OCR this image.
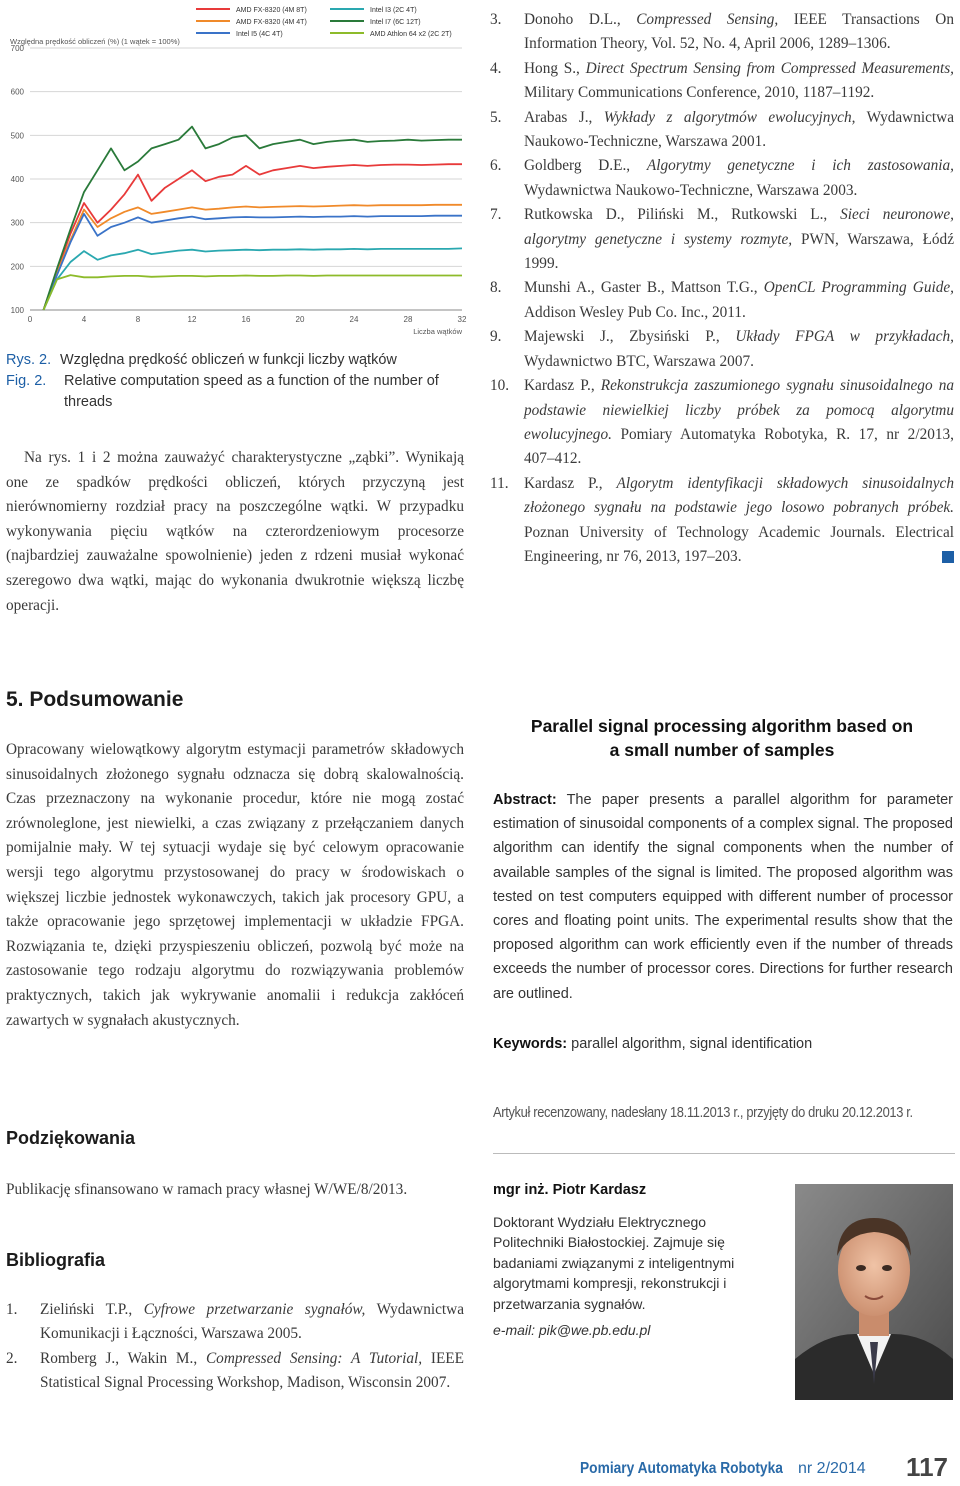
100
200
300
400
500
600
700
0	4	8	12	16	20	24	28	32
Liczba wątków
Względna prędkość obliczeń (%) (1 wątek = 100%)
AMD FX-8320 (4M 8T)
AMD FX-8320 (4M 4T)
Intel I5 (4C 4T)
Intel I3 (2C 4T)
Intel I7 (6C 12T)
AMD Athlon 64 x2 (2C 2T)
Rys. 2. Względna prędkość obliczeń w funkcji liczby wątków
Fig. 2.	Relative computation speed as a function of the number of threads
Na rys. 1 i 2 można zauważyć charakterystyczne „ząbki”. Wynikają one ze spadków prędkości obliczeń, których przyczyną jest nierównomierny rozdział pracy na poszczególne wątki. W przypadku wykonywania pięciu wątków na czterordzeniowym procesorze (najbardziej zauważalne spowolnienie) jeden z rdzeni musiał wykonać szeregowo dwa wątki, mając do wykonania dwukrotnie większą liczbę operacji.
5. Podsumowanie
Opracowany wielowątkowy algorytm estymacji parametrów składowych sinusoidalnych złożonego sygnału odznacza się dobrą skalowalnością. Czas przeznaczony na wykonanie procedur, które nie mogą zostać zrównoleglone, jest niewielki, a czas związany z przełączaniem danych pomijalnie mały. W tej sytuacji wydaje się być celowym opracowanie wersji tego algorytmu przystosowanej do pracy w środowiskach o większej liczbie jednostek wykonawczych, takich jak procesory GPU, a także opracowanie jego sprzętowej implementacji w układzie FPGA. Rozwiązania te, dzięki przyspieszeniu obliczeń, pozwolą być może na zastosowanie tego rodzaju algorytmu do rozwiązywania problemów praktycznych, takich jak wykrywanie anomalii i redukcja zakłóceń zawartych w sygnałach akustycznych.
Podziękowania
Publikację sfinansowano w ramach pracy własnej W/WE/8/2013.
Bibliografia

1. Zieliński T.P., Cyfrowe przetwarzanie sygnałów, Wydawnictwa Komunikacji i Łączności, Warszawa 2005.

2. Romberg J., Wakin M., Compressed Sensing: A Tutorial, IEEE Statistical Signal Processing Workshop, Madison, Wisconsin 2007.

3. Donoho D.L., Compressed Sensing, IEEE Transactions On Information Theory, Vol. 52, No. 4, April 2006, 1289–1306.

4. Hong S., Direct Spectrum Sensing from Compressed Measurements, Military Communications Conference, 2010, 1187–1192.

5. Arabas J., Wykłady z algorytmów ewolucyjnych, Wydawnictwa Naukowo-Techniczne, Warszawa 2001.

6. Goldberg D.E., Algorytmy genetyczne i ich zastosowania, Wydawnictwa Naukowo-Techniczne, Warszawa 2003.

7. Rutkowska D., Piliński M., Rutkowski L., Sieci neuronowe, algorytmy genetyczne i systemy rozmyte, PWN, Warszawa, Łódź 1999.

8. Munshi A., Gaster B., Mattson T.G., OpenCL Programming Guide, Addison Wesley Pub Co. Inc., 2011.

9. Majewski J., Zbysiński P., Układy FPGA w przykładach, Wydawnictwo BTC, Warszawa 2007.

10. Kardasz P., Rekonstrukcja zaszumionego sygnału sinusoidalnego na podstawie niewielkiej liczby próbek za pomocą algorytmu ewolucyjnego. Pomiary Automatyka Robotyka, R. 17, nr 2/2013, 407–412.

11. Kardasz P., Algorytm identyfikacji składowych sinusoidalnych złożonego sygnału na podstawie jego losowo pobranych próbek. Poznan University of Technology Academic Journals. Electrical Engineering, nr 76, 2013, 197–203.

Parallel signal processing algorithm based on
a small number of samples
Abstract: The paper presents a parallel algorithm for parameter estimation of sinusoidal components of a complex signal. The proposed algorithm can identify the signal components when the number of available samples of the signal is limited. The proposed algorithm was tested on test computers equipped with different number of processor cores and floating point units. The experimental results show that the proposed algorithm can work efficiently even if the number of threads exceeds the number of processor cores. Directions for further research are outlined.
Keywords: parallel algorithm, signal identification
Artykuł recenzowany, nadesłany 18.11.2013 r., przyjęty do druku 20.12.2013 r.
mgr inż. Piotr Kardasz
Doktorant Wydziału Elektrycznego Politechniki Białostockiej. Zajmuje się badaniami związanymi z inteligentnymi algorytmami kompresji, rekonstrukcji i przetwarzania sygnałów.
e-mail: pik@we.pb.edu.pl
Pomiary Automatyka Robotyka nr 2/2014 117
